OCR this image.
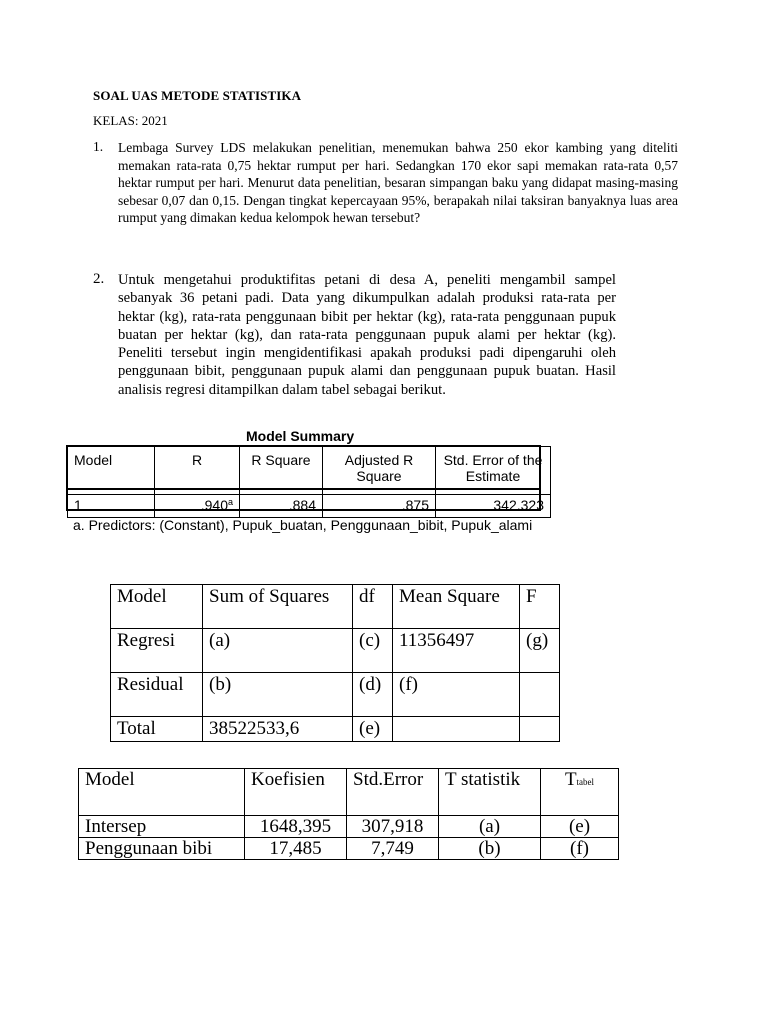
SOAL UAS METODE STATISTIKA
KELAS: 2021
1. Lembaga Survey LDS melakukan penelitian, menemukan bahwa 250 ekor kambing yang diteliti memakan rata-rata 0,75 hektar rumput per hari. Sedangkan 170 ekor sapi memakan rata-rata 0,57 hektar rumput per hari. Menurut data penelitian, besaran simpangan baku yang didapat masing-masing sebesar 0,07 dan 0,15. Dengan tingkat kepercayaan 95%, berapakah nilai taksiran banyaknya luas area rumput yang dimakan kedua kelompok hewan tersebut?
2. Untuk mengetahui produktifitas petani di desa A, peneliti mengambil sampel sebanyak 36 petani padi. Data yang dikumpulkan adalah produksi rata-rata per hektar (kg), rata-rata penggunaan bibit per hektar (kg), rata-rata penggunaan pupuk buatan per hektar (kg), dan rata-rata penggunaan pupuk alami per hektar (kg). Peneliti tersebut ingin mengidentifikasi apakah produksi padi dipengaruhi oleh penggunaan bibit, penggunaan pupuk alami dan penggunaan pupuk buatan. Hasil analisis regresi ditampilkan dalam tabel sebagai berikut.
Model Summary
Model	R	R Square	Adjusted R Square	Std. Error of the Estimate
1	.940$^a$	.884	.875	342.323
a. Predictors: (Constant), Pupuk_buatan, Penggunaan_bibit, Pupuk_alami
Model	Sum of Squares	df	Mean Square	F
Regresi	(a)	(c)	11356497	(g)
Residual	(b)	(d)	(f)	
Total	38522533,6	(e)		
Model	Koefisien	Std.Error	T statistik	Ttabel
Intersep	1648,395	307,918	(a)	(e)
Penggunaan bibi	17,485	7,749	(b)	(f)
